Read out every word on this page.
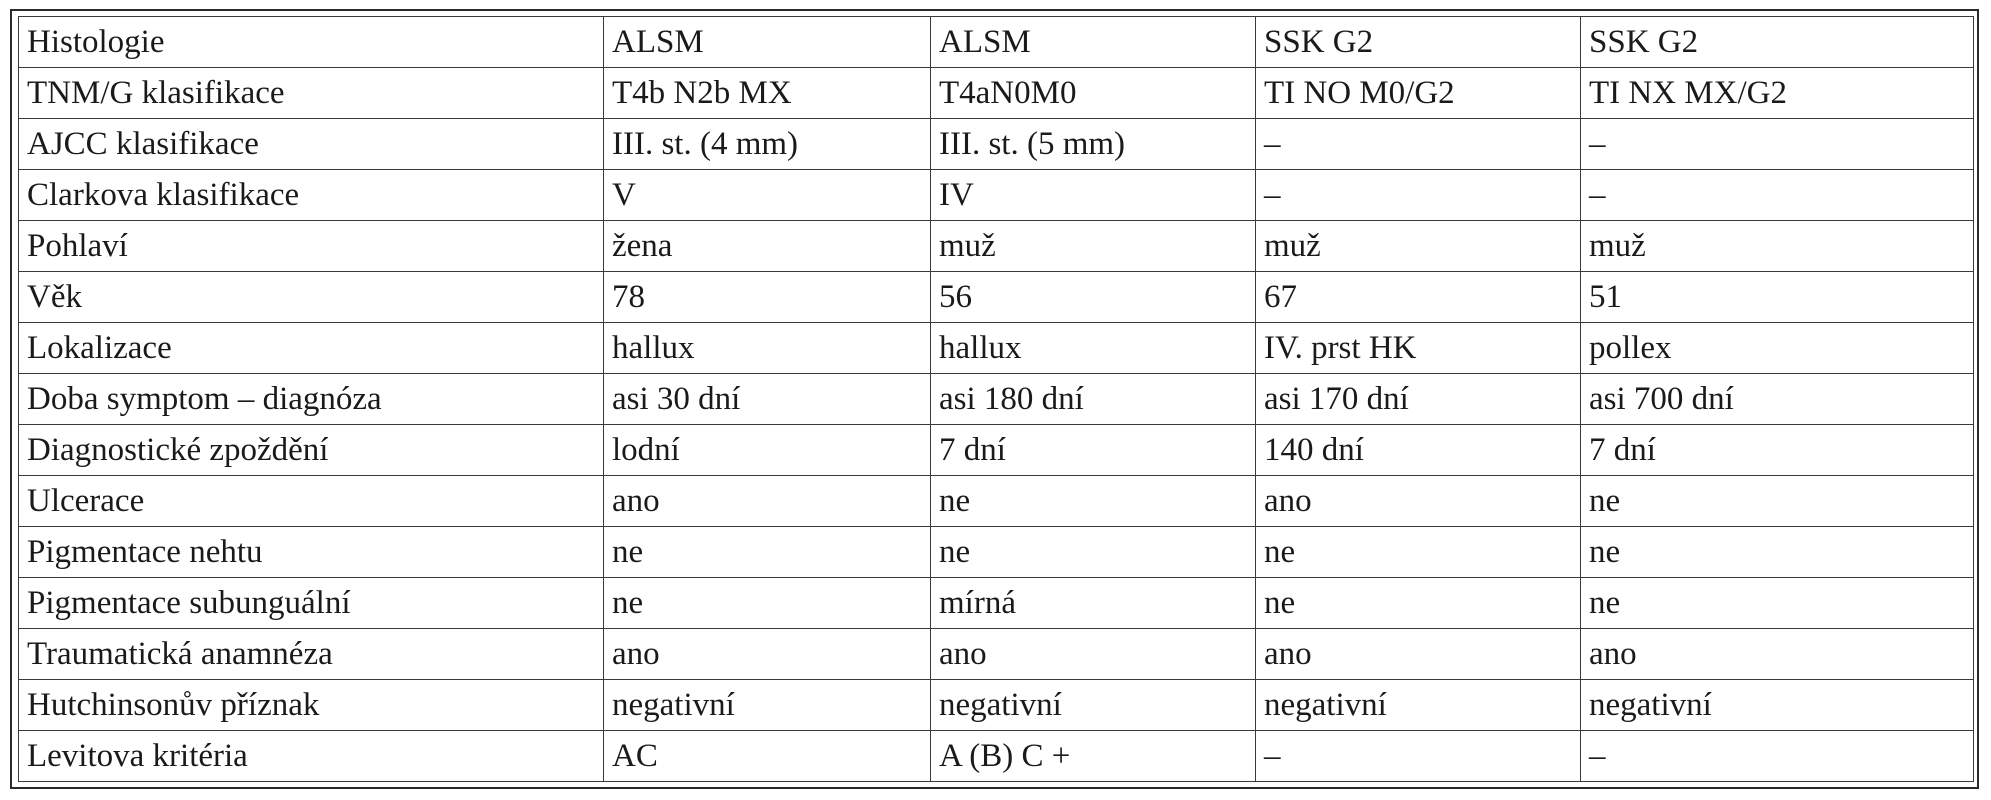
Histologie	ALSM	ALSM	SSK G2	SSK G2
TNM/G klasifikace	T4b N2b MX	T4aN0M0	TI NO M0/G2	TI NX MX/G2
AJCC klasifikace	III. st. (4 mm)	III. st. (5 mm)	–	–
Clarkova klasifikace	V	IV	–	–
Pohlaví	žena	muž	muž	muž
Věk	78	56	67	51
Lokalizace	hallux	hallux	IV. prst HK	pollex
Doba symptom – diagnóza	asi 30 dní	asi 180 dní	asi 170 dní	asi 700 dní
Diagnostické zpoždění	lodní	7 dní	140 dní	7 dní
Ulcerace	ano	ne	ano	ne
Pigmentace nehtu	ne	ne	ne	ne
Pigmentace subunguální	ne	mírná	ne	ne
Traumatická anamnéza	ano	ano	ano	ano
Hutchinsonův příznak	negativní	negativní	negativní	negativní
Levitova kritéria	AC	A (B) C +	–	–
